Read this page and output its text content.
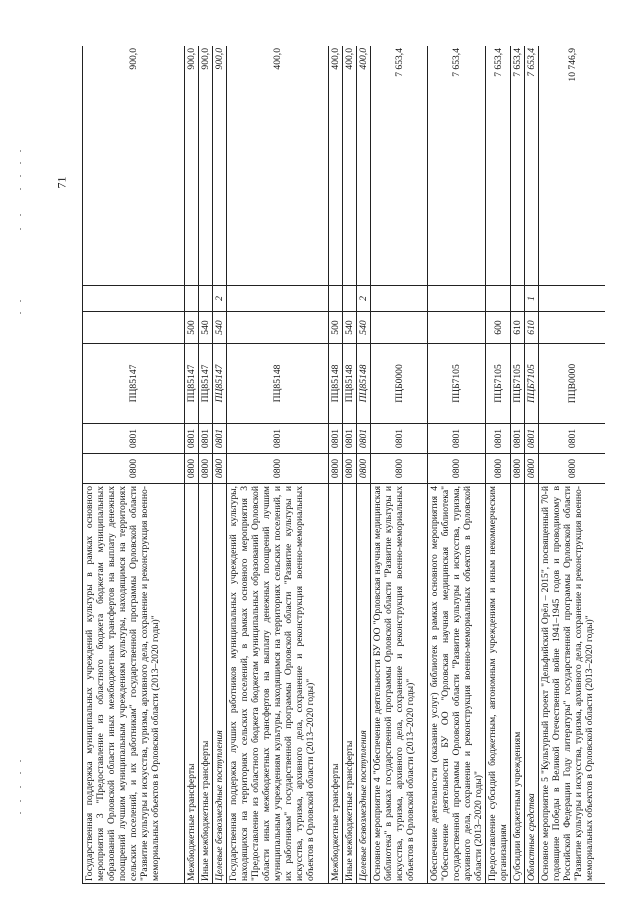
71
Государственная поддержка муниципальных учреждений культуры в рамках основного мероприятия 3 "Предоставление из областного бюджета бюджетам муниципальных образований Орловской области иных межбюджетных трансфертов на выплату денежных поощрений лучшим муниципальным учреждениям культуры, находящимся на территориях сельских поселений, и их работникам" государственной программы Орловской области "Развитие культуры и искусства, туризма, архивного дела, сохранение и реконструкция военно-мемориальных объектов в Орловской области (2013–2020 годы)"	0800	0801	ПЦ85147			900,0
Межбюджетные трансферты	0800	0801	ПЦ85147	500		900,0
Иные межбюджетные трансферты	0800	0801	ПЦ85147	540		900,0
Целевые безвозмездные поступления	0800	0801	ПЦ85147	540	2	900,0
Государственная поддержка лучших работников муниципальных учреждений культуры, находящихся на территориях сельских поселений, в рамках основного мероприятия 3 "Предоставление из областного бюджета бюджетам муниципальных образований Орловской области иных межбюджетных трансфертов на выплату денежных поощрений лучшим муниципальным учреждениям культуры, находящимся на территориях сельских поселений, и их работникам" государственной программы Орловской области "Развитие культуры и искусства, туризма, архивного дела, сохранение и реконструкция военно-мемориальных объектов в Орловской области (2013–2020 годы)"	0800	0801	ПЦ85148			400,0
Межбюджетные трансферты	0800	0801	ПЦ85148	500		400,0
Иные межбюджетные трансферты	0800	0801	ПЦ85148	540		400,0
Целевые безвозмездные поступления	0800	0801	ПЦ85148	540	2	400,0
Основное мероприятие 4 "Обеспечение деятельности БУ ОО "Орловская научная медицинская библиотека" в рамках государственной программы Орловской области "Развитие культуры и искусства, туризма, архивного дела, сохранение и реконструкция военно-мемориальных объектов в Орловской области (2013–2020 годы)"	0800	0801	ПЦБ0000			7 653,4
Обеспечение деятельности (оказание услуг) библиотек в рамках основного мероприятия 4 "Обеспечение деятельности БУ ОО "Орловская научная медицинская библиотека" государственной программы Орловской области "Развитие культуры и искусства, туризма, архивного дела, сохранение и реконструкция военно-мемориальных объектов в Орловской области (2013–2020 годы)"	0800	0801	ПЦБ7105			7 653,4
Предоставление субсидий бюджетным, автономным учреждениям и иным некоммерческим организациям	0800	0801	ПЦБ7105	600		7 653,4
Субсидии бюджетным учреждениям	0800	0801	ПЦБ7105	610		7 653,4
Областные средства	0800	0801	ПЦБ7105	610	1	7 653,4
Основное мероприятие 5 "Культурный проект "Дельфийский Орёл – 2015", посвященный 70-й годовщине Победы в Великой Отечественной войне 1941–1945 годов и проводимому в Российской Федерации Году литературы" государственной программы Орловской области "Развитие культуры и искусства, туризма, архивного дела, сохранение и реконструкция военно-мемориальных объектов в Орловской области (2013–2020 годы)"	0800	0801	ПЦВ0000			10 746,9
